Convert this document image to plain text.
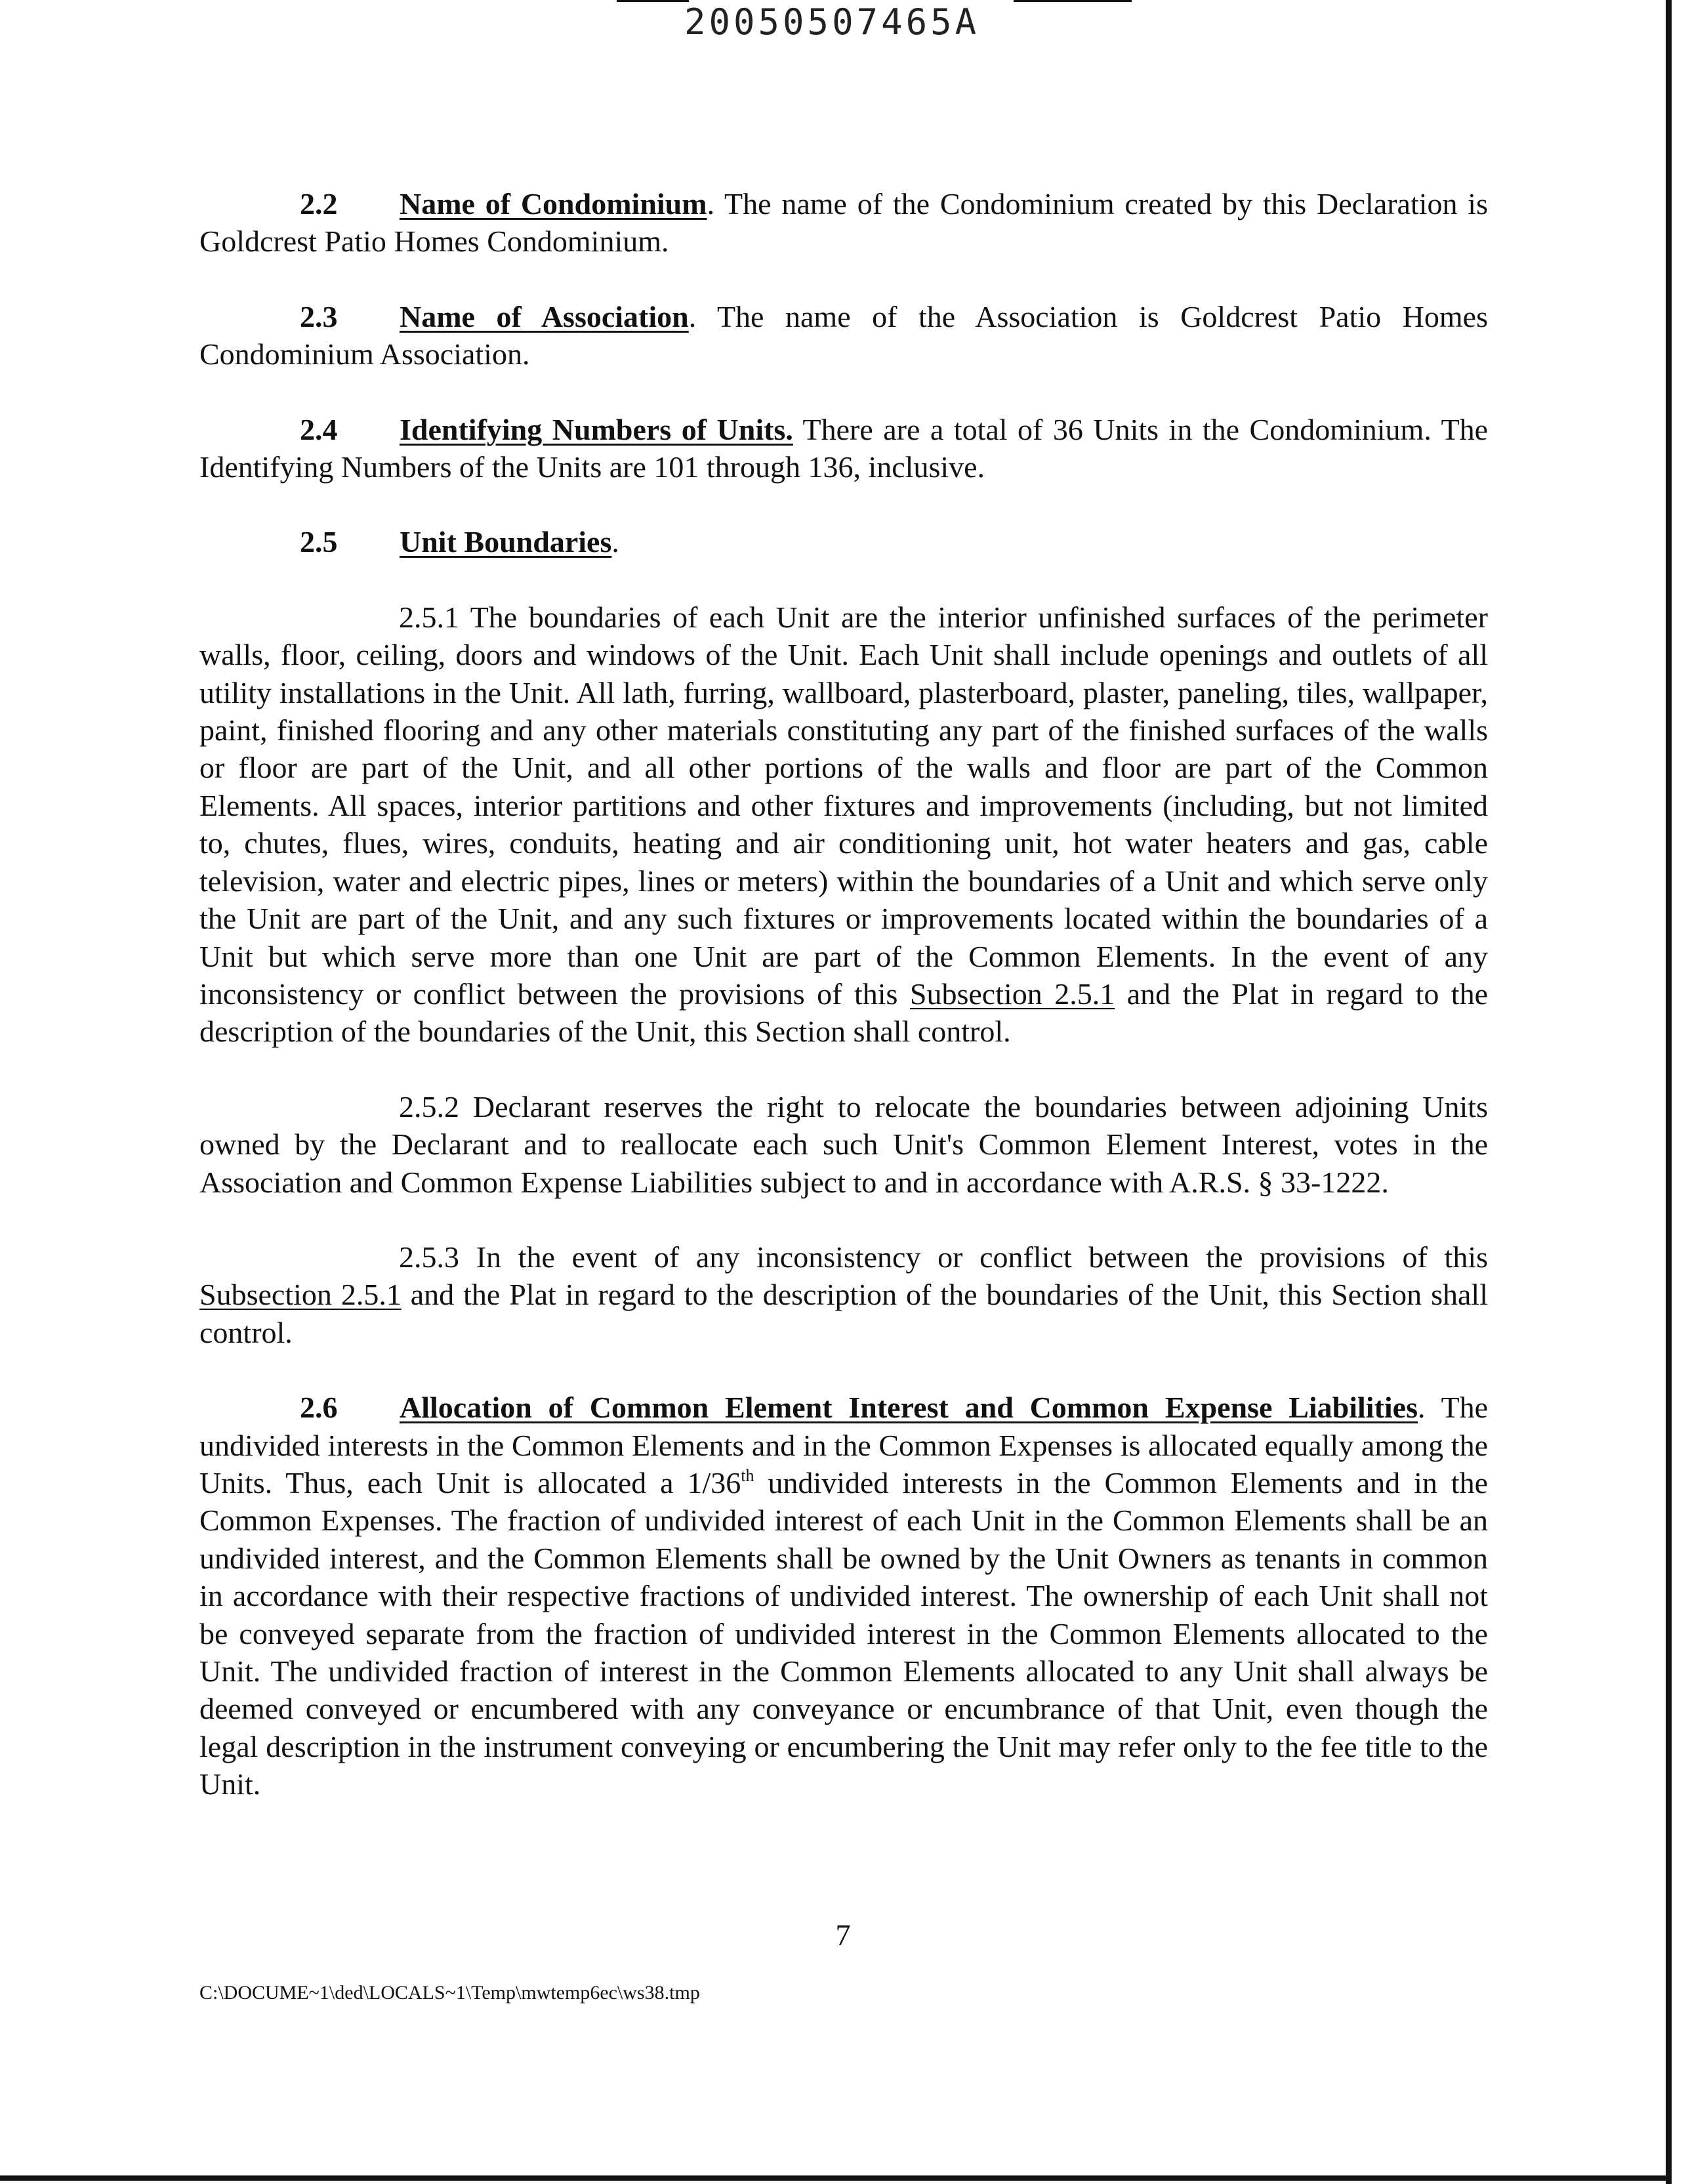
20050507465A

2.2 Name of Condominium. The name of the Condominium created by this Declaration is Goldcrest Patio Homes Condominium.

2.3 Name of Association. The name of the Association is Goldcrest Patio Homes Condominium Association.

2.4 Identifying Numbers of Units. There are a total of 36 Units in the Condominium. The Identifying Numbers of the Units are 101 through 136, inclusive.

2.5 Unit Boundaries.

2.5.1 The boundaries of each Unit are the interior unfinished surfaces of the perimeter walls, floor, ceiling, doors and windows of the Unit. Each Unit shall include openings and outlets of all utility installations in the Unit. All lath, furring, wallboard, plasterboard, plaster, paneling, tiles, wallpaper, paint, finished flooring and any other materials constituting any part of the finished surfaces of the walls or floor are part of the Unit, and all other portions of the walls and floor are part of the Common Elements. All spaces, interior partitions and other fixtures and improvements (including, but not limited to, chutes, flues, wires, conduits, heating and air conditioning unit, hot water heaters and gas, cable television, water and electric pipes, lines or meters) within the boundaries of a Unit and which serve only the Unit are part of the Unit, and any such fixtures or improvements located within the boundaries of a Unit but which serve more than one Unit are part of the Common Elements. In the event of any inconsistency or conflict between the provisions of this Subsection 2.5.1 and the Plat in regard to the description of the boundaries of the Unit, this Section shall control.

2.5.2 Declarant reserves the right to relocate the boundaries between adjoining Units owned by the Declarant and to reallocate each such Unit's Common Element Interest, votes in the Association and Common Expense Liabilities subject to and in accordance with A.R.S. § 33-1222.

2.5.3 In the event of any inconsistency or conflict between the provisions of this Subsection 2.5.1 and the Plat in regard to the description of the boundaries of the Unit, this Section shall control.

2.6 Allocation of Common Element Interest and Common Expense Liabilities. The undivided interests in the Common Elements and in the Common Expenses is allocated equally among the Units. Thus, each Unit is allocated a 1/36th undivided interests in the Common Elements and in the Common Expenses. The fraction of undivided interest of each Unit in the Common Elements shall be an undivided interest, and the Common Elements shall be owned by the Unit Owners as tenants in common in accordance with their respective fractions of undivided interest. The ownership of each Unit shall not be conveyed separate from the fraction of undivided interest in the Common Elements allocated to the Unit. The undivided fraction of interest in the Common Elements allocated to any Unit shall always be deemed conveyed or encumbered with any conveyance or encumbrance of that Unit, even though the legal description in the instrument conveying or encumbering the Unit may refer only to the fee title to the Unit.

7
C:\DOCUME~1\ded\LOCALS~1\Temp\mwtemp6ec\ws38.tmp
